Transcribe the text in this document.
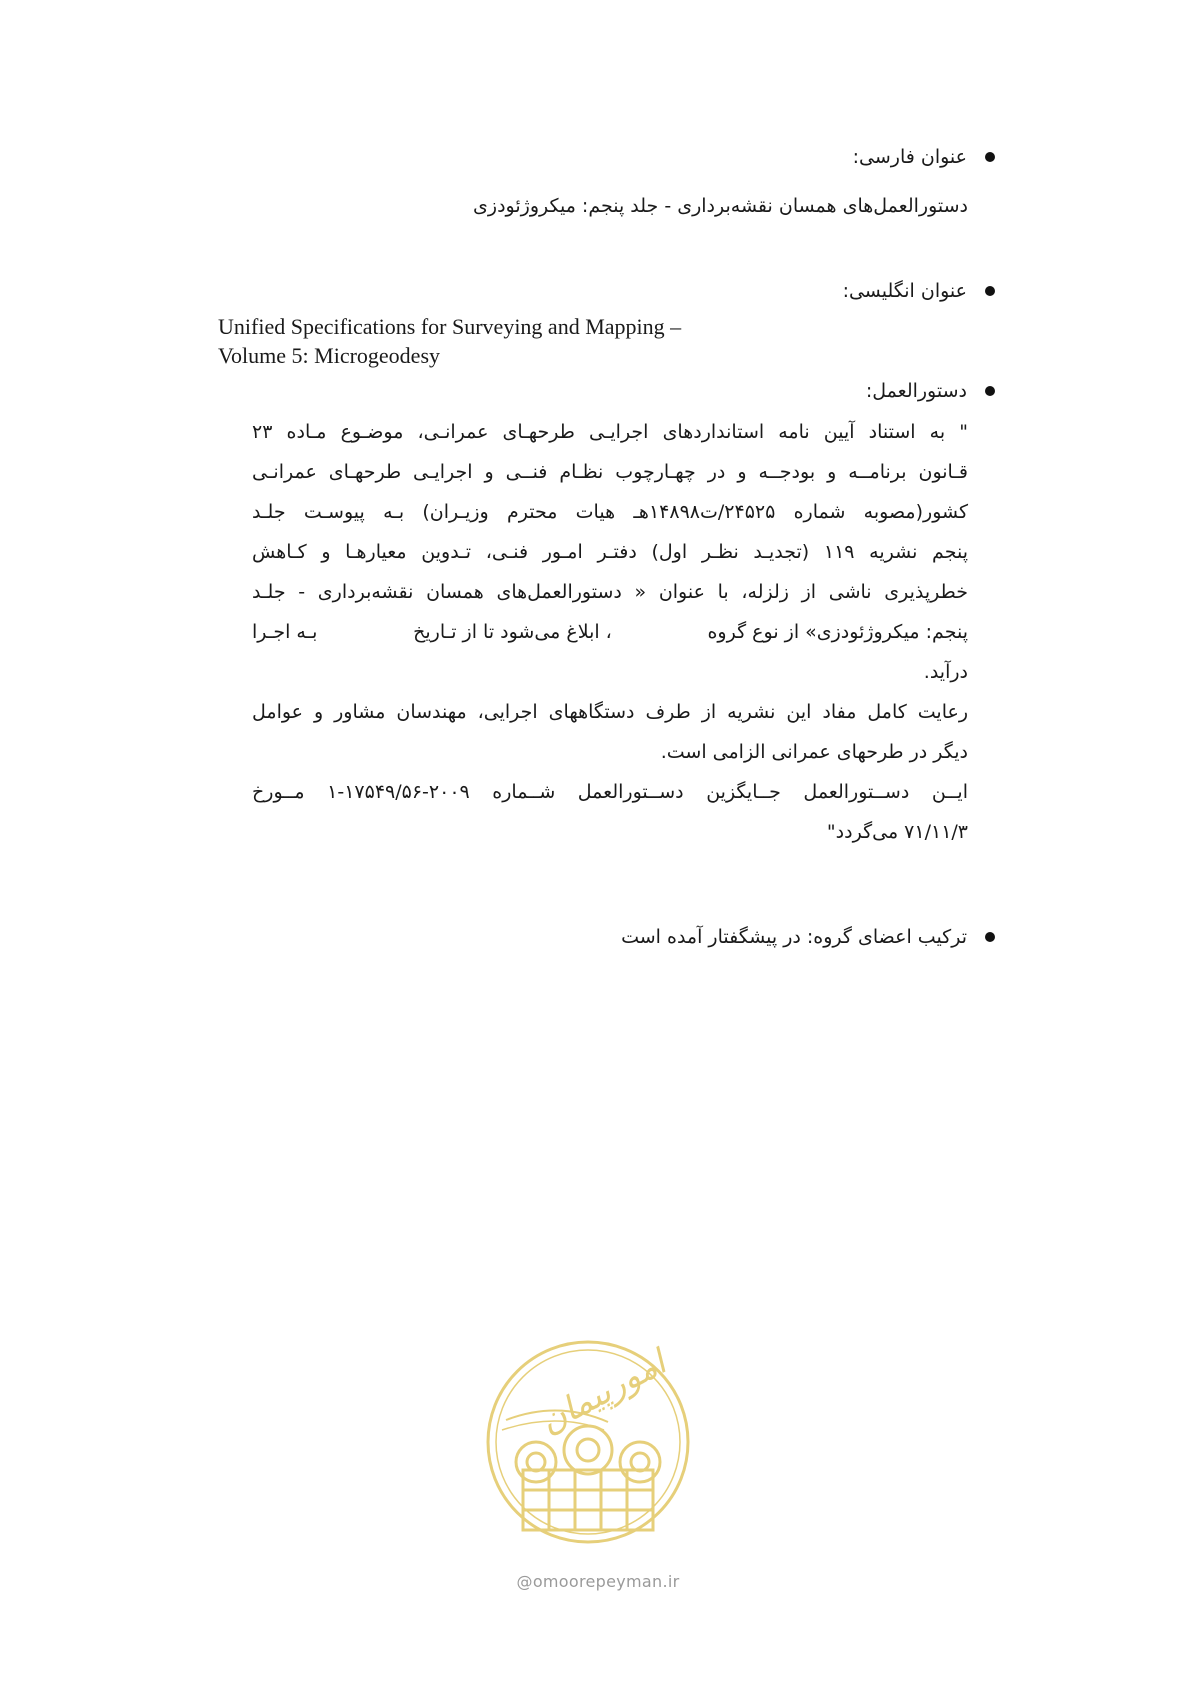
عنوان فارسی:
دستورالعمل‌های همسان نقشه‌برداری - جلد پنجم: میکروژئودزی
عنوان انگلیسی:
Unified Specifications for Surveying and Mapping –
Volume 5: Microgeodesy
دستورالعمل:
" به استناد آیین نامه استانداردهای اجرایـی طرحهـای عمرانـی، موضـوع مـاده ۲۳
قـانون برنامــه و بودجــه و در چهـارچوب نظـام فنــی و اجرایـی طرحهـای عمرانـی
کشور(مصوبه شماره ۲۴۵۲۵/ت۱۴۸۹۸هـ هیات محترم وزیـران) بـه پیوسـت جلـد
پنجم نشریه ۱۱۹ (تجدیـد نظـر اول) دفتـر امـور فنـی، تـدوین معیارهـا و کـاهش
خطرپذیری ناشی از زلزله، با عنوان « دستورالعمل‌های همسان نقشه‌برداری - جلـد
پنجم: میکروژئودزی» از نوع گروه
، ابلاغ می‌شود تا از تـاریخ
بـه اجـرا
درآید.
رعایت کامل مفاد این نشریه از طرف دستگاههای اجرایی، مهندسان مشاور و عوامل
دیگر در طرحهای عمرانی الزامی است.
ایــن دســتورالعمل جــایگزین دســتورالعمل شــماره ۲۰۰۹-۱۷۵۴۹/۵۶-۱ مــورخ
۷۱/۱۱/۳ می‌گردد"
ترکیب اعضای گروه: در پیشگفتار آمده است
امورپیمان
@omoorepeyman.ir
